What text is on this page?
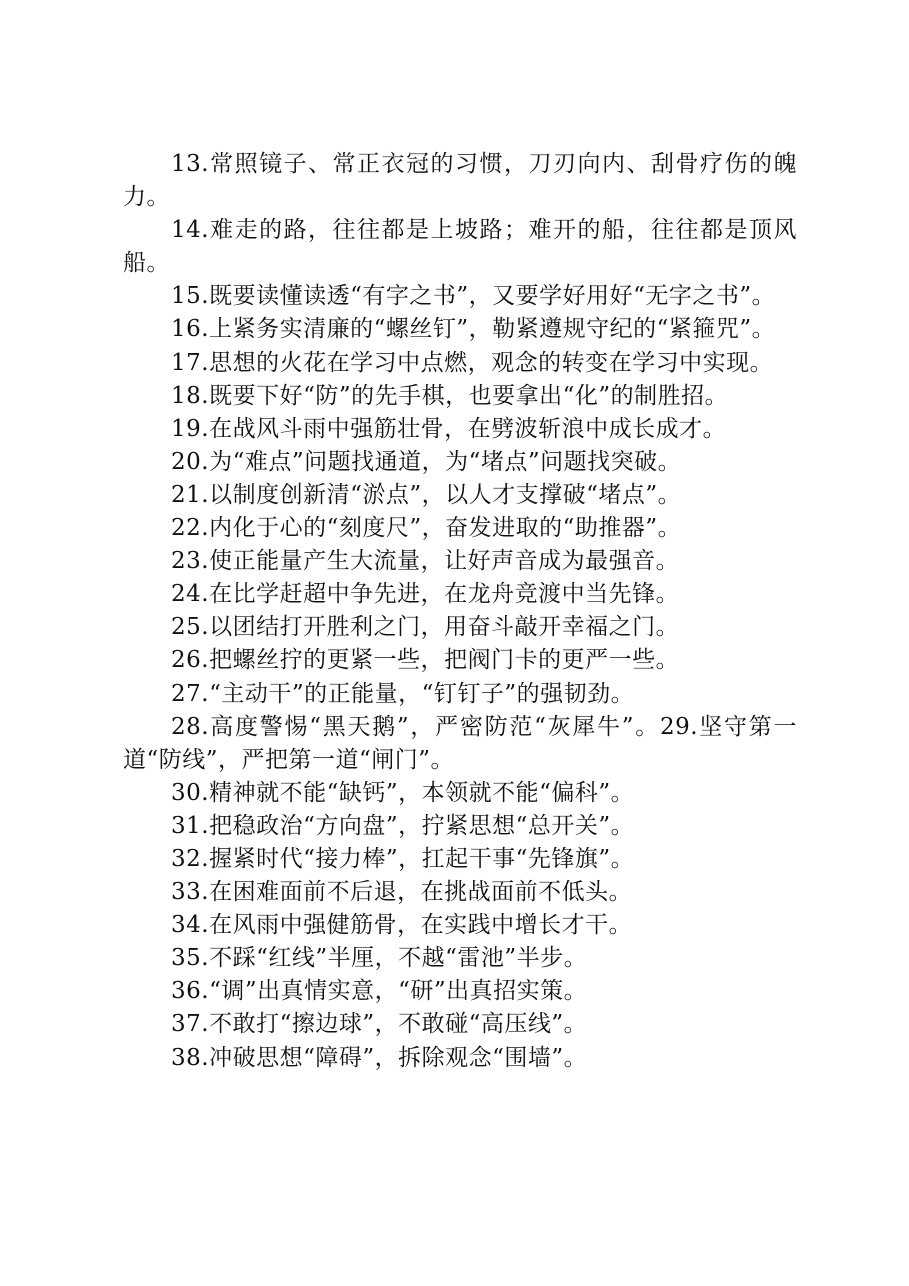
13.常照镜子、常正衣冠的习惯，刀刃向内、刮骨疗伤的魄力。

14.难走的路，往往都是上坡路；难开的船，往往都是顶风船。

15.既要读懂读透“有字之书”，又要学好用好“无字之书”。

16.上紧务实清廉的“螺丝钉”，勒紧遵规守纪的“紧箍咒”。

17.思想的火花在学习中点燃，观念的转变在学习中实现。

18.既要下好“防”的先手棋，也要拿出“化”的制胜招。

19.在战风斗雨中强筋壮骨，在劈波斩浪中成长成才。

20.为“难点”问题找通道，为“堵点”问题找突破。

21.以制度创新清“淤点”，以人才支撑破“堵点”。

22.内化于心的“刻度尺”，奋发进取的“助推器”。

23.使正能量产生大流量，让好声音成为最强音。

24.在比学赶超中争先进，在龙舟竞渡中当先锋。

25.以团结打开胜利之门，用奋斗敲开幸福之门。

26.把螺丝拧的更紧一些，把阀门卡的更严一些。

27.“主动干”的正能量，“钉钉子”的强韧劲。

28.高度警惕“黑天鹅”，严密防范“灰犀牛”。29.坚守第一道“防线”，严把第一道“闸门”。

30.精神就不能“缺钙”，本领就不能“偏科”。

31.把稳政治“方向盘”，拧紧思想“总开关”。

32.握紧时代“接力棒”，扛起干事“先锋旗”。

33.在困难面前不后退，在挑战面前不低头。

34.在风雨中强健筋骨，在实践中增长才干。

35.不踩“红线”半厘，不越“雷池”半步。

36.“调”出真情实意，“研”出真招实策。

37.不敢打“擦边球”，不敢碰“高压线”。

38.冲破思想“障碍”，拆除观念“围墙”。
